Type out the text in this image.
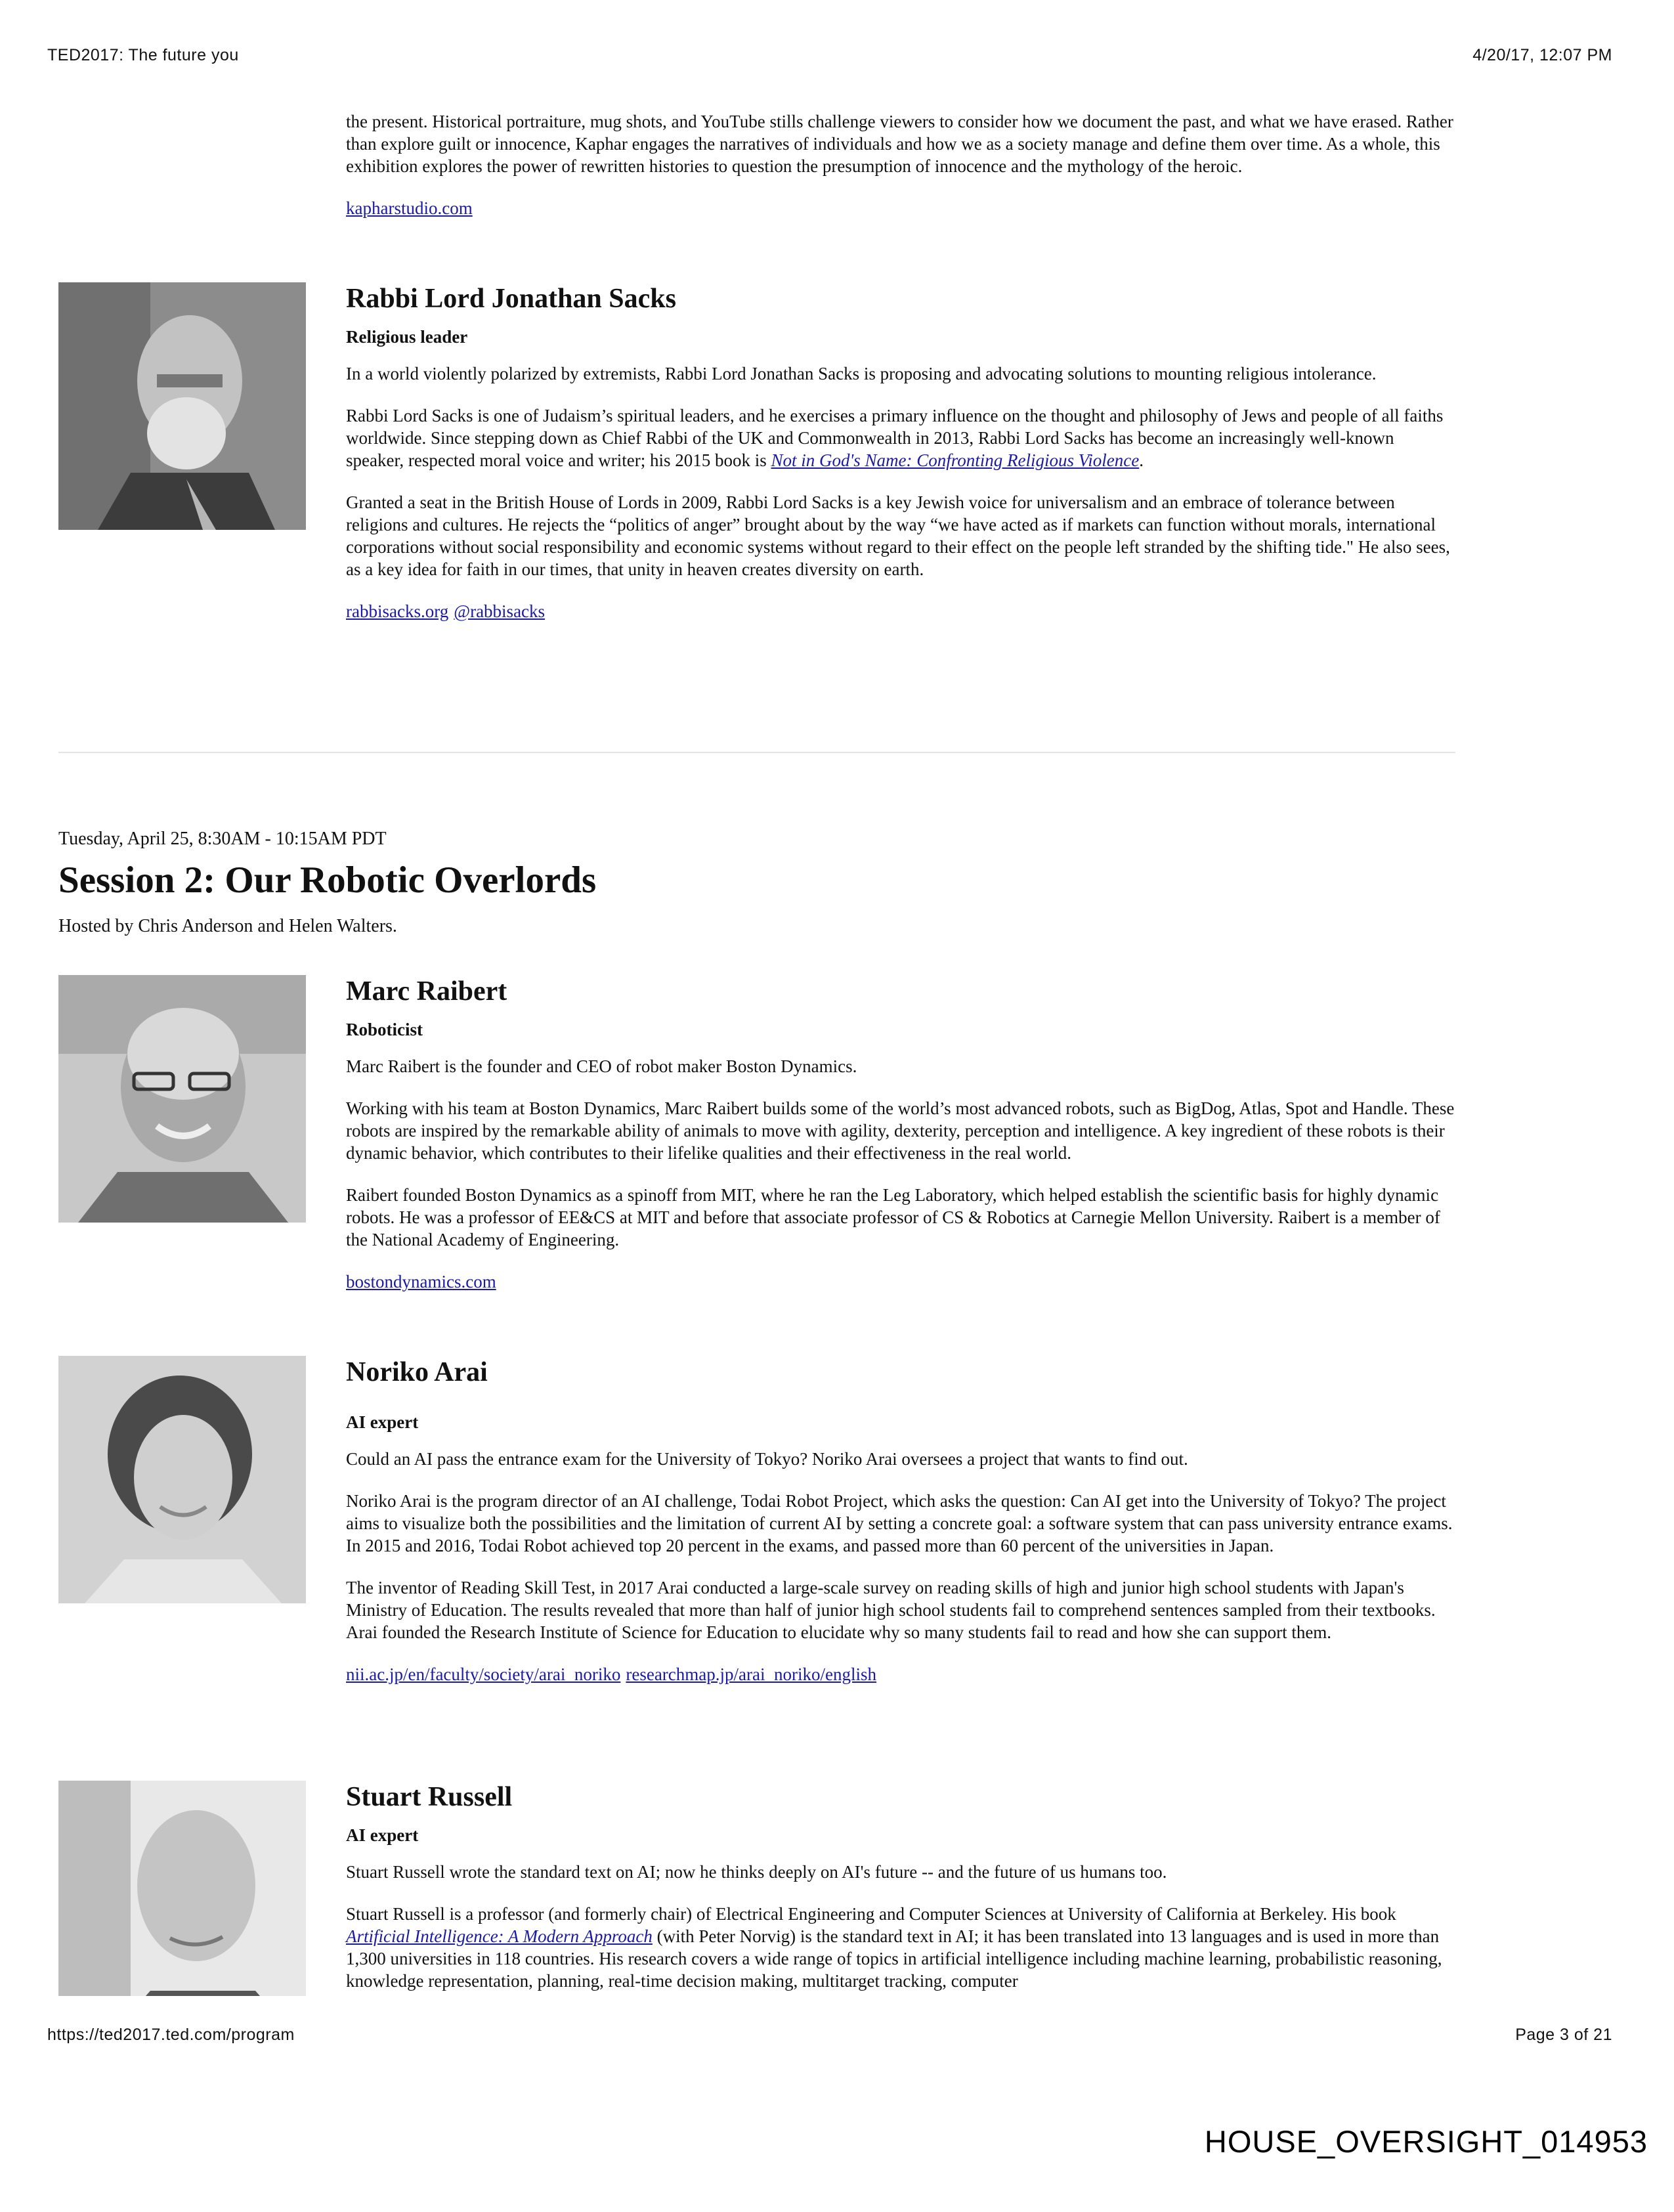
TED2017: The future you	4/20/17, 12:07 PM

the present. Historical portraiture, mug shots, and YouTube stills challenge viewers to consider how we document the past, and what we have erased. Rather than explore guilt or innocence, Kaphar engages the narratives of individuals and how we as a society manage and define them over time. As a whole, this exhibition explores the power of rewritten histories to question the presumption of innocence and the mythology of the heroic.

kapharstudio.com

Rabbi Lord Jonathan Sacks
Religious leader

In a world violently polarized by extremists, Rabbi Lord Jonathan Sacks is proposing and advocating solutions to mounting religious intolerance.

Rabbi Lord Sacks is one of Judaism’s spiritual leaders, and he exercises a primary influence on the thought and philosophy of Jews and people of all faiths worldwide. Since stepping down as Chief Rabbi of the UK and Commonwealth in 2013, Rabbi Lord Sacks has become an increasingly well-known speaker, respected moral voice and writer; his 2015 book is Not in God's Name: Confronting Religious Violence.

Granted a seat in the British House of Lords in 2009, Rabbi Lord Sacks is a key Jewish voice for universalism and an embrace of tolerance between religions and cultures. He rejects the “politics of anger” brought about by the way “we have acted as if markets can function without morals, international corporations without social responsibility and economic systems without regard to their effect on the people left stranded by the shifting tide." He also sees, as a key idea for faith in our times, that unity in heaven creates diversity on earth.

rabbisacks.org @rabbisacks

Tuesday, April 25, 8:30AM - 10:15AM PDT
Session 2: Our Robotic Overlords
Hosted by Chris Anderson and Helen Walters.
Marc Raibert
Roboticist

Marc Raibert is the founder and CEO of robot maker Boston Dynamics.

Working with his team at Boston Dynamics, Marc Raibert builds some of the world’s most advanced robots, such as BigDog, Atlas, Spot and Handle. These robots are inspired by the remarkable ability of animals to move with agility, dexterity, perception and intelligence. A key ingredient of these robots is their dynamic behavior, which contributes to their lifelike qualities and their effectiveness in the real world.

Raibert founded Boston Dynamics as a spinoff from MIT, where he ran the Leg Laboratory, which helped establish the scientific basis for highly dynamic robots. He was a professor of EE&CS at MIT and before that associate professor of CS & Robotics at Carnegie Mellon University. Raibert is a member of the National Academy of Engineering.

bostondynamics.com

Noriko Arai
AI expert

Could an AI pass the entrance exam for the University of Tokyo? Noriko Arai oversees a project that wants to find out.

Noriko Arai is the program director of an AI challenge, Todai Robot Project, which asks the question: Can AI get into the University of Tokyo? The project aims to visualize both the possibilities and the limitation of current AI by setting a concrete goal: a software system that can pass university entrance exams. In 2015 and 2016, Todai Robot achieved top 20 percent in the exams, and passed more than 60 percent of the universities in Japan.

The inventor of Reading Skill Test, in 2017 Arai conducted a large-scale survey on reading skills of high and junior high school students with Japan's Ministry of Education. The results revealed that more than half of junior high school students fail to comprehend sentences sampled from their textbooks. Arai founded the Research Institute of Science for Education to elucidate why so many students fail to read and how she can support them.

nii.ac.jp/en/faculty/society/arai_noriko researchmap.jp/arai_noriko/english

Stuart Russell
AI expert

Stuart Russell wrote the standard text on AI; now he thinks deeply on AI's future -- and the future of us humans too.

Stuart Russell is a professor (and formerly chair) of Electrical Engineering and Computer Sciences at University of California at Berkeley. His book Artificial Intelligence: A Modern Approach (with Peter Norvig) is the standard text in AI; it has been translated into 13 languages and is used in more than 1,300 universities in 118 countries. His research covers a wide range of topics in artificial intelligence including machine learning, probabilistic reasoning, knowledge representation, planning, real-time decision making, multitarget tracking, computer

https://ted2017.ted.com/program	Page 3 of 21
HOUSE_OVERSIGHT_014953
